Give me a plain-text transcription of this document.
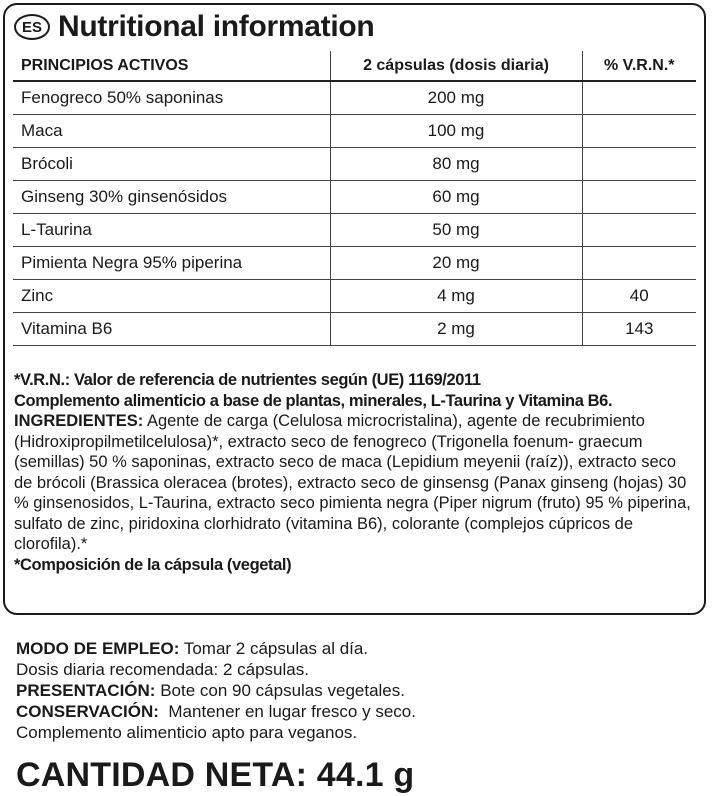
ES Nutritional information
PRINCIPIOS ACTIVOS	2 cápsulas (dosis diaria)	% V.R.N.*
Fenogreco 50% saponinas	200 mg	
Maca	100 mg	
Brócoli	80 mg	
Ginseng 30% ginsenósidos	60 mg	
L-Taurina	50 mg	
Pimienta Negra 95% piperina	20 mg	
Zinc	4 mg	40
Vitamina B6	2 mg	143

*V.R.N.: Valor de referencia de nutrientes según (UE) 1169/2011

Complemento alimenticio a base de plantas, minerales, L-Taurina y Vitamina B6.

INGREDIENTES: Agente de carga (Celulosa microcristalina), agente de recubrimiento (Hidroxipropilmetilcelulosa)*, extracto seco de fenogreco (Trigonella foenum- graecum (semillas) 50 % saponinas, extracto seco de maca (Lepidium meyenii (raíz)), extracto seco de brócoli (Brassica oleracea (brotes), extracto seco de ginsensg (Panax ginseng (hojas) 30 % ginsenosidos, L-Taurina, extracto seco pimienta negra (Piper nigrum (fruto) 95 % piperina, sulfato de zinc, piridoxina clorhidrato (vitamina B6), colorante (complejos cúpricos de clorofila).*

*Composición de la cápsula (vegetal)

MODO DE EMPLEO: Tomar 2 cápsulas al día.

Dosis diaria recomendada: 2 cápsulas.

PRESENTACIÓN: Bote con 90 cápsulas vegetales.

CONSERVACIÓN:  Mantener en lugar fresco y seco.

Complemento alimenticio apto para veganos.

CANTIDAD NETA: 44.1 g
